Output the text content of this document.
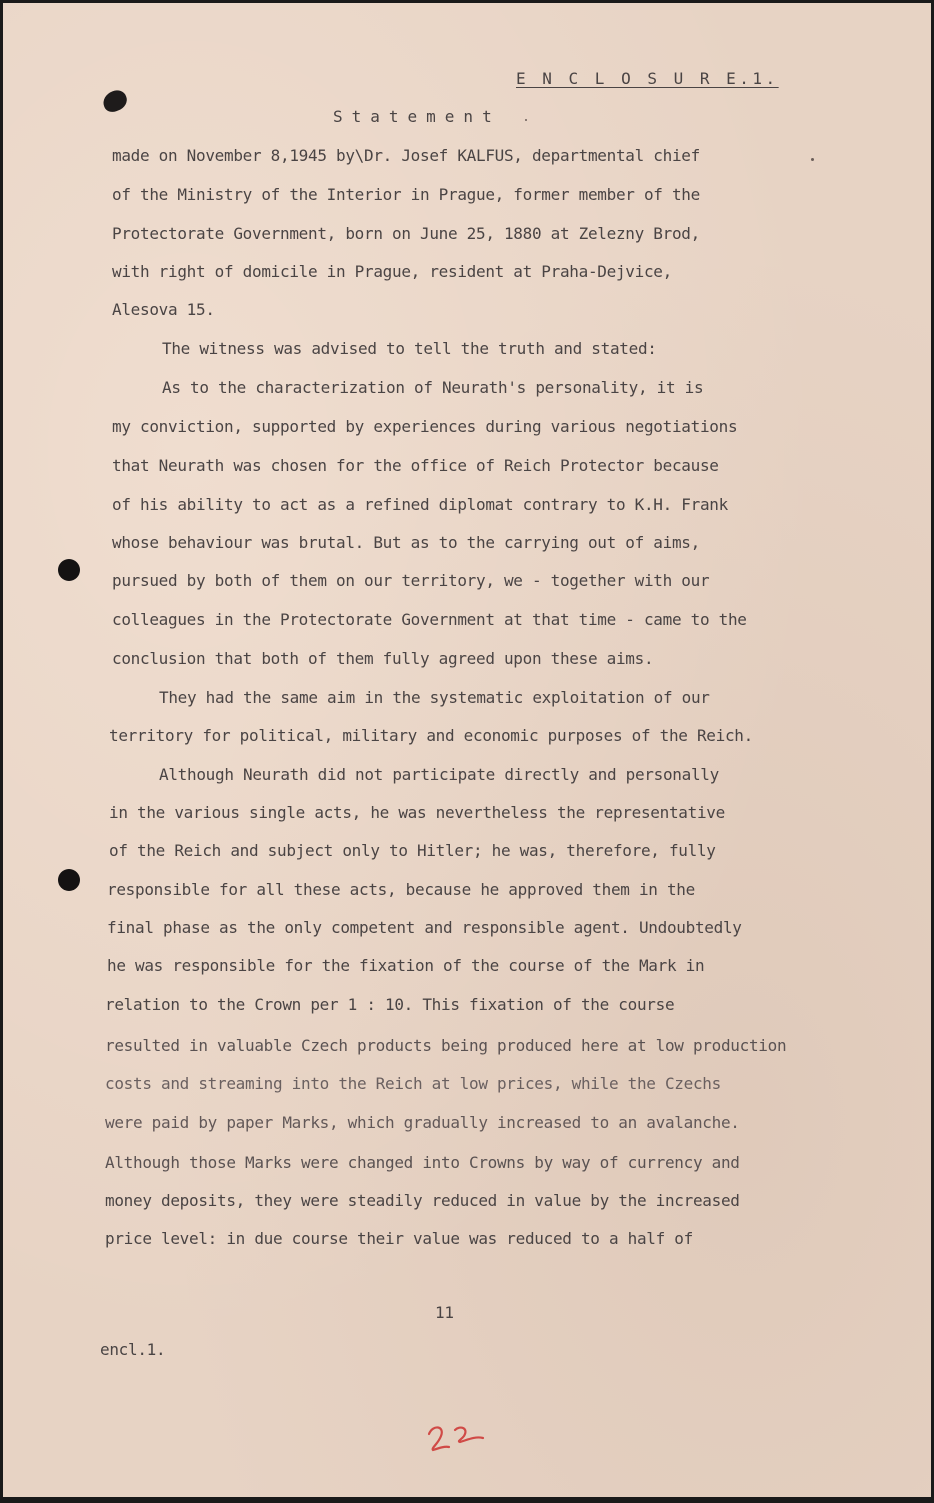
E N C L O S U R E.1.
Statement
made on November 8,1945 by\Dr. Josef KALFUS, departmental chief
of the Ministry of the Interior in Prague, former member of the
Protectorate Government, born on June 25, 1880 at Zelezny Brod,
with right of domicile in Prague, resident at Praha-Dejvice,
Alesova 15.
The witness was advised to tell the truth and stated:
As to the characterization of Neurath's personality, it is
my conviction, supported by experiences during various negotiations
that Neurath was chosen for the office of Reich Protector because
of his ability to act as a refined diplomat contrary to K.H. Frank
whose behaviour was brutal. But as to the carrying out of aims,
pursued by both of them on our territory, we - together with our
colleagues in the Protectorate Government at that time - came to the
conclusion that both of them fully agreed upon these aims.
They had the same aim in the systematic exploitation of our
territory for political, military and economic purposes of the Reich.
Although Neurath did not participate directly and personally
in the various single acts, he was nevertheless the representative
of the Reich and subject only to Hitler; he was, therefore, fully
responsible for all these acts, because he approved them in the
final phase as the only competent and responsible agent. Undoubtedly
he was responsible for the fixation of the course of the Mark in
relation to the Crown per 1 : 10. This fixation of the course
resulted in valuable Czech products being produced here at low production
costs and streaming into the Reich at low prices, while the Czechs
were paid by paper Marks, which gradually increased to an avalanche.
Although those Marks were changed into Crowns by way of currency and
money deposits, they were steadily reduced in value by the increased
price level: in due course their value was reduced to a half of
11
encl.1.
